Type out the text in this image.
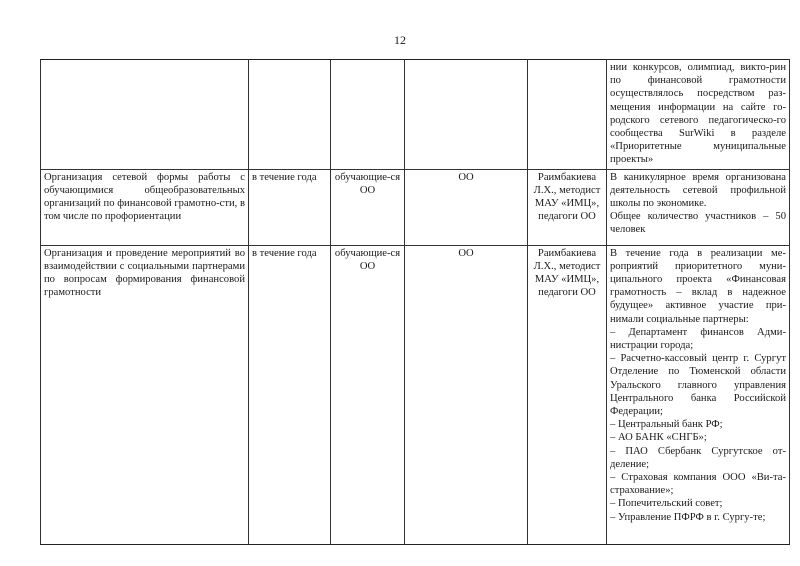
12

					нии конкурсов, олимпиад, викто-рин по финансовой грамотности осуществлялось посредством раз-мещения информации на сайте го-родского сетевого педагогическо-го сообщества SurWiki в разделе «Приоритетные муниципальные проекты»

Организация сетевой формы работы с обучающимися общеобразовательных организаций по финансовой грамотно-сти, в том числе по профориентации	в течение года	обучающие-ся ОО	ОО	Раимбакиева Л.Х., методист МАУ «ИМЦ», педагоги ОО	В каникулярное время организована деятельность сетевой профильной школы по экономике.

Общее количество участников – 50 человек

Организация и проведение мероприятий во взаимодействии с социальными партнерами по вопросам формирования финансовой грамотности	в течение года	обучающие-ся ОО	ОО	Раимбакиева Л.Х., методист МАУ «ИМЦ», педагоги ОО	

В течение года в реализации ме-роприятий приоритетного муни-ципального проекта «Финансовая грамотность – вклад в надежное будущее» активное участие при-нимали социальные партнеры:

– Департамент финансов Адми-нистрации города;

– Расчетно-кассовый центр г. Сургут Отделение по Тюменской области Уральского главного управления Центрального банка Российской Федерации;

– Центральный банк РФ;

– АО БАНК «СНГБ»;

– ПАО Сбербанк Сургутское от-деление;

– Страховая компания ООО «Ви-та-страхование»;

– Попечительский совет;

– Управление ПФРФ в г. Сургу-те;
